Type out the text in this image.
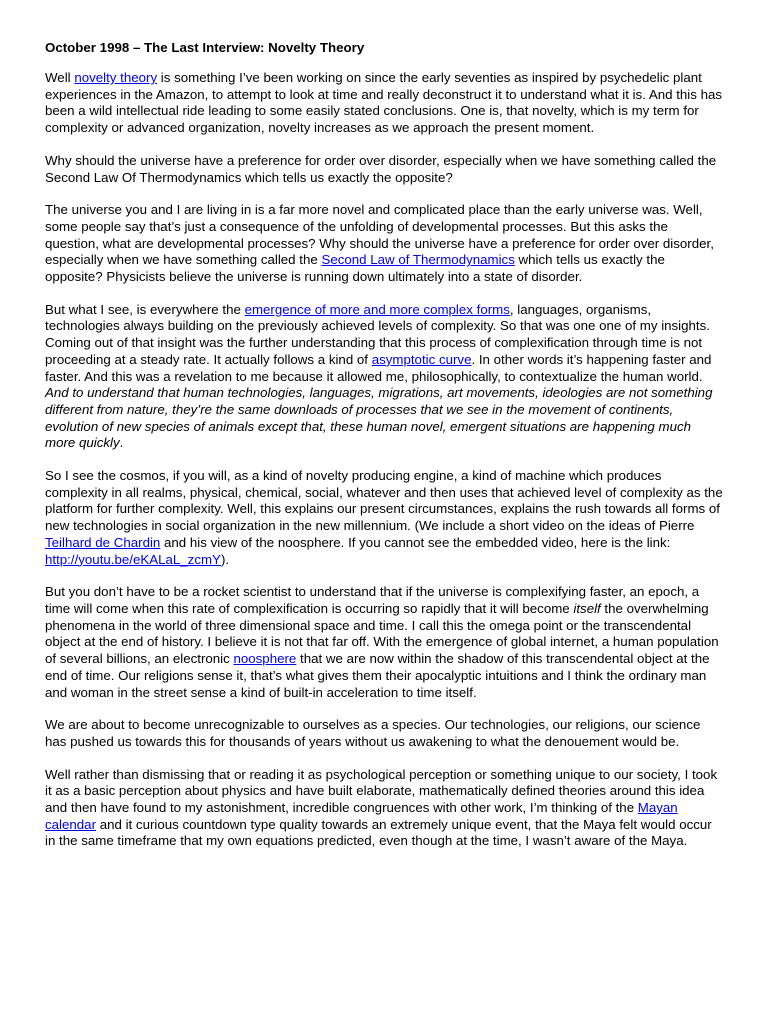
October 1998 – The Last Interview: Novelty Theory

Well novelty theory is something I’ve been working on since the early seventies as inspired by psychedelic plant experiences in the Amazon, to attempt to look at time and really deconstruct it to understand what it is. And this has been a wild intellectual ride leading to some easily stated conclusions. One is, that novelty, which is my term for complexity or advanced organization, novelty increases as we approach the present moment.

Why should the universe have a preference for order over disorder, especially when we have something called the Second Law Of Thermodynamics which tells us exactly the opposite?

The universe you and I are living in is a far more novel and complicated place than the early universe was. Well, some people say that’s just a consequence of the unfolding of developmental processes. But this asks the question, what are developmental processes? Why should the universe have a preference for order over disorder, especially when we have something called the Second Law of Thermodynamics which tells us exactly the opposite? Physicists believe the universe is running down ultimately into a state of disorder.

But what I see, is everywhere the emergence of more and more complex forms, languages, organisms, technologies always building on the previously achieved levels of complexity. So that was one one of my insights. Coming out of that insight was the further understanding that this process of complexification through time is not proceeding at a steady rate. It actually follows a kind of asymptotic curve. In other words it’s happening faster and faster. And this was a revelation to me because it allowed me, philosophically, to contextualize the human world. And to understand that human technologies, languages, migrations, art movements, ideologies are not something different from nature, they’re the same downloads of processes that we see in the movement of continents, evolution of new species of animals except that, these human novel, emergent situations are happening much more quickly.

So I see the cosmos, if you will, as a kind of novelty producing engine, a kind of machine which produces complexity in all realms, physical, chemical, social, whatever and then uses that achieved level of complexity as the platform for further complexity. Well, this explains our present circumstances, explains the rush towards all forms of new technologies in social organization in the new millennium. (We include a short video on the ideas of Pierre Teilhard de Chardin and his view of the noosphere. If you cannot see the embedded video, here is the link: http://youtu.be/eKALaL_zcmY).

But you don’t have to be a rocket scientist to understand that if the universe is complexifying faster, an epoch, a time will come when this rate of complexification is occurring so rapidly that it will become itself the overwhelming phenomena in the world of three dimensional space and time. I call this the omega point or the transcendental object at the end of history. I believe it is not that far off. With the emergence of global internet, a human population of several billions, an electronic noosphere that we are now within the shadow of this transcendental object at the end of time. Our religions sense it, that’s what gives them their apocalyptic intuitions and I think the ordinary man and woman in the street sense a kind of built-in acceleration to time itself.

We are about to become unrecognizable to ourselves as a species. Our technologies, our religions, our science has pushed us towards this for thousands of years without us awakening to what the denouement would be.

Well rather than dismissing that or reading it as psychological perception or something unique to our society, I took it as a basic perception about physics and have built elaborate, mathematically defined theories around this idea and then have found to my astonishment, incredible congruences with other work, I’m thinking of the Mayan calendar and it curious countdown type quality towards an extremely unique event, that the Maya felt would occur in the same timeframe that my own equations predicted, even though at the time, I wasn’t aware of the Maya.
